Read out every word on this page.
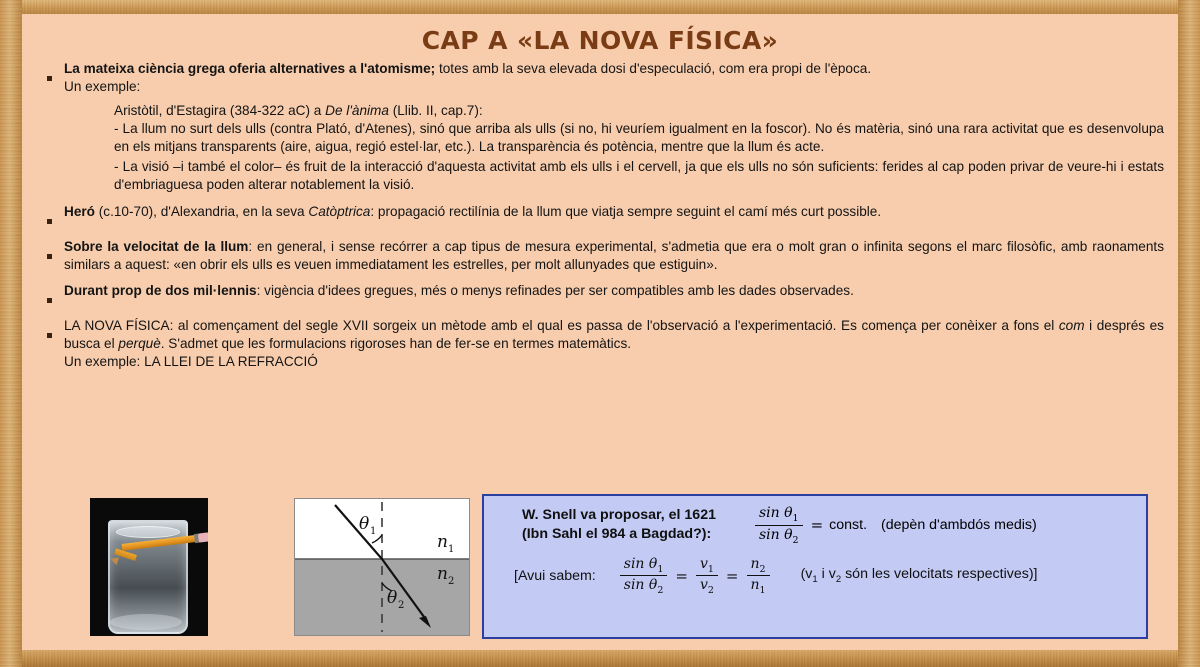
CAP A «LA NOVA FÍSICA»
La mateixa ciència grega oferia alternatives a l'atomisme; totes amb la seva elevada dosi d'especulació, com era propi de l'època.
Un exemple:
Aristòtil, d'Estagira (384-322 aC) a De l'ànima (Llib. II, cap.7):
- La llum no surt dels ulls (contra Plató, d'Atenes), sinó que arriba als ulls (si no, hi veuríem igualment en la foscor). No és matèria, sinó una rara activitat que es desenvolupa en els mitjans transparents (aire, aigua, regió estel·lar, etc.). La transparència és potència, mentre que la llum és acte.
- La visió –i també el color– és fruit de la interacció d'aquesta activitat amb els ulls i el cervell, ja que els ulls no són suficients: ferides al cap poden privar de veure-hi i estats d'embriaguesa poden alterar notablement la visió.
Heró (c.10-70), d'Alexandria, en la seva Catòptrica: propagació rectilínia de la llum que viatja sempre seguint el camí més curt possible.
Sobre la velocitat de la llum: en general, i sense recórrer a cap tipus de mesura experimental, s'admetia que era o molt gran o infinita segons el marc filosòfic, amb raonaments similars a aquest: «en obrir els ulls es veuen immediatament les estrelles, per molt allunyades que estiguin».
Durant prop de dos mil·lennis: vigència d'idees gregues, més o menys refinades per ser compatibles amb les dades observades.
LA NOVA FÍSICA: al començament del segle XVII sorgeix un mètode amb el qual es passa de l'observació a l'experimentació. Es comença per conèixer a fons el com i després es busca el perquè. S'admet que les formulacions rigoroses han de fer-se en termes matemàtics.
Un exemple: LA LLEI DE LA REFRACCIÓ
θ 1
θ 2
n 1
n 2
W. Snell va proposar, el 1621
(Ibn Sahl el 984 a Bagdad?):	$\frac{\sin \theta_1}{\sin \theta_2}$ = const. (depèn d'ambdós medis)
[Avui sabem: $\frac{\sin \theta_1}{\sin \theta_2} = \frac{v_1}{v_2} = \frac{n_2}{n_1} (v_1$ i $v_2$ són les velocitats respectives)]
